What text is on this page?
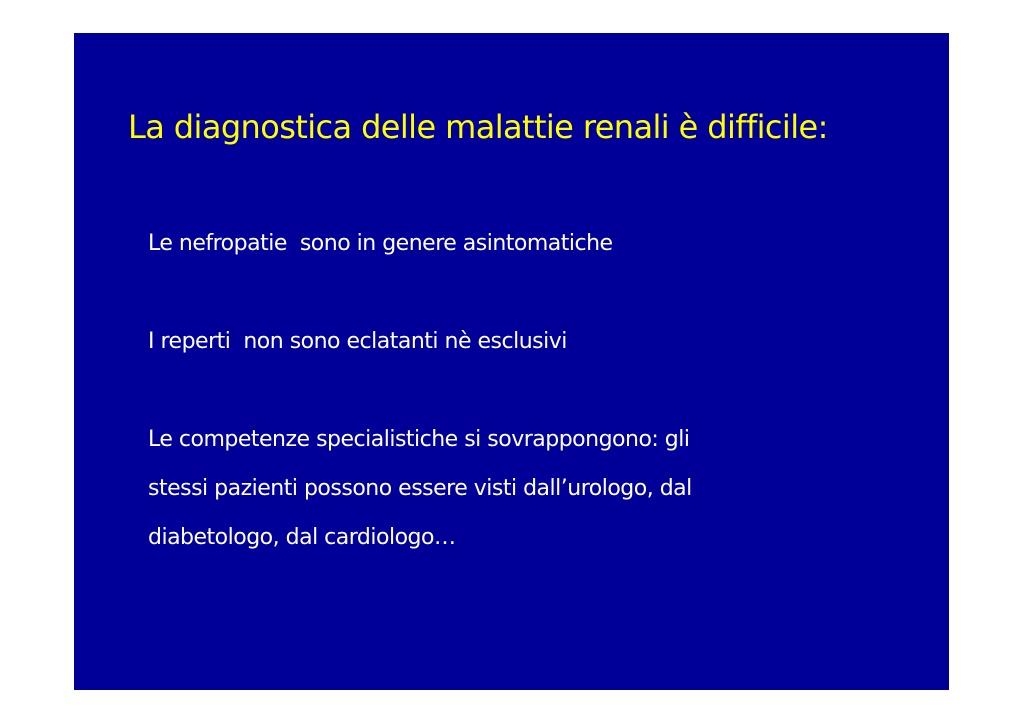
La diagnostica delle malattie renali è difficile:

Le nefropatie  sono in genere asintomatiche

I reperti  non sono eclatanti nè esclusivi

Le competenze specialistiche si sovrappongono: gli

stessi pazienti possono essere visti dall’urologo, dal

diabetologo, dal cardiologo…
